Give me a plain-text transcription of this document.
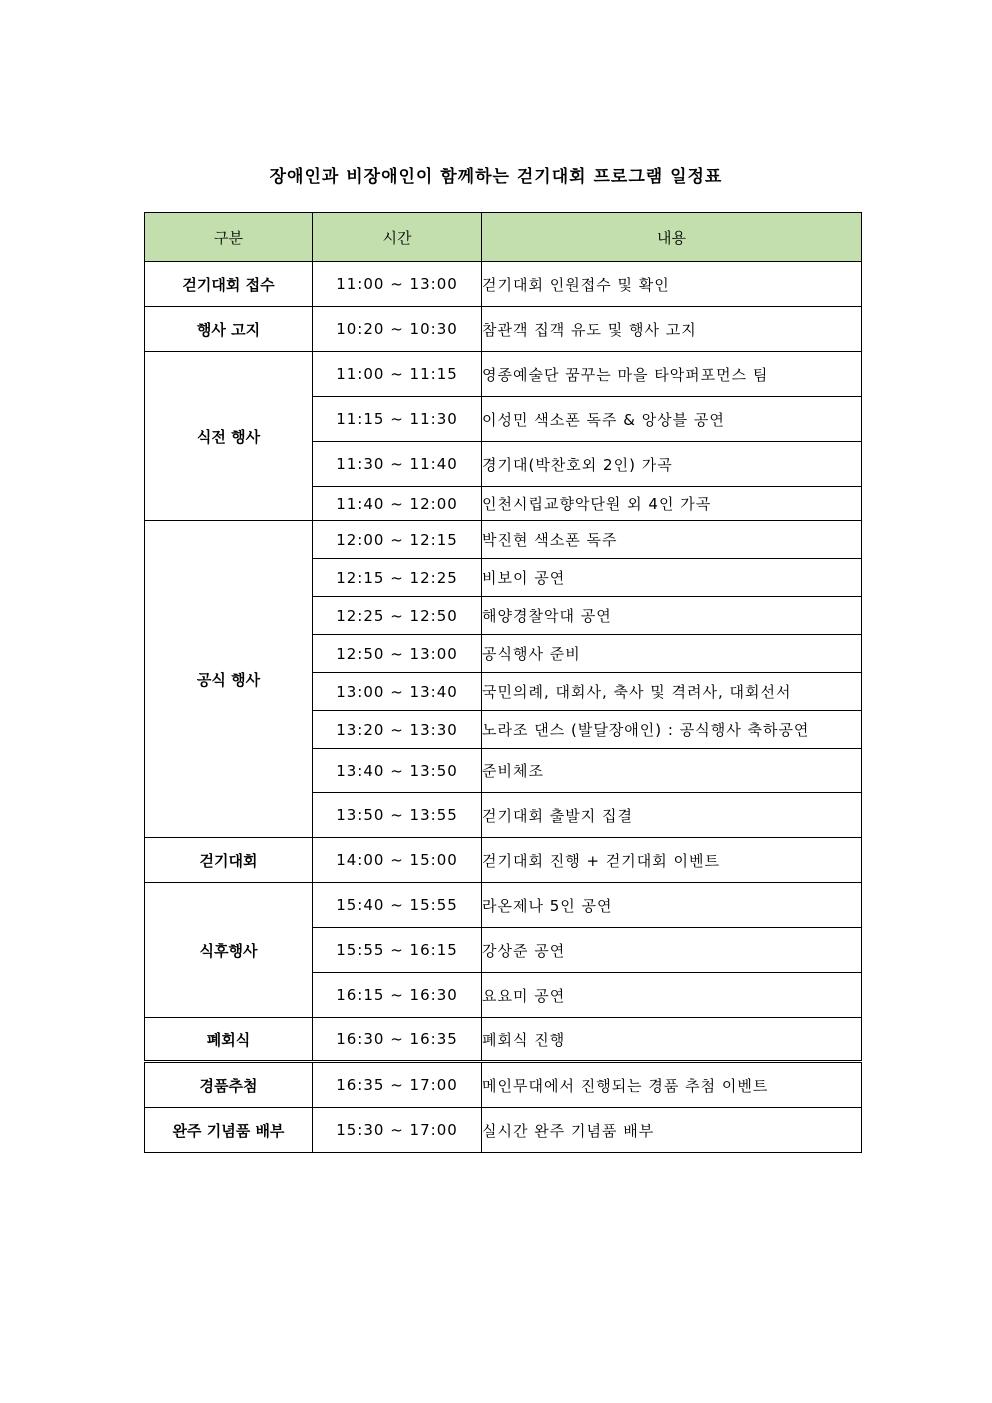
장애인과 비장애인이 함께하는 걷기대회 프로그램 일정표
구분	시간	내용
걷기대회 접수	11:00 ~ 13:00	걷기대회 인원접수 및 확인
행사 고지	10:20 ~ 10:30	참관객 집객 유도 및 행사 고지
식전 행사	11:00 ~ 11:15	영종예술단 꿈꾸는 마을 타악퍼포먼스 팀
	11:15 ~ 11:30	이성민 색소폰 독주 & 앙상블 공연
	11:30 ~ 11:40	경기대(박찬호외 2인) 가곡
	11:40 ~ 12:00	인천시립교향악단원 외 4인 가곡
공식 행사	12:00 ~ 12:15	박진현 색소폰 독주
	12:15 ~ 12:25	비보이 공연
	12:25 ~ 12:50	해양경찰악대 공연
	12:50 ~ 13:00	공식행사 준비
	13:00 ~ 13:40	국민의례, 대회사, 축사 및 격려사, 대회선서
	13:20 ~ 13:30	노라조 댄스 (발달장애인) : 공식행사 축하공연
	13:40 ~ 13:50	준비체조
	13:50 ~ 13:55	걷기대회 출발지 집결
걷기대회	14:00 ~ 15:00	걷기대회 진행 + 걷기대회 이벤트
식후행사	15:40 ~ 15:55	라온제나 5인 공연
	15:55 ~ 16:15	강상준 공연
	16:15 ~ 16:30	요요미 공연
폐회식	16:30 ~ 16:35	폐회식 진행
경품추첨	16:35 ~ 17:00	메인무대에서 진행되는 경품 추첨 이벤트
완주 기념품 배부	15:30 ~ 17:00	실시간 완주 기념품 배부
